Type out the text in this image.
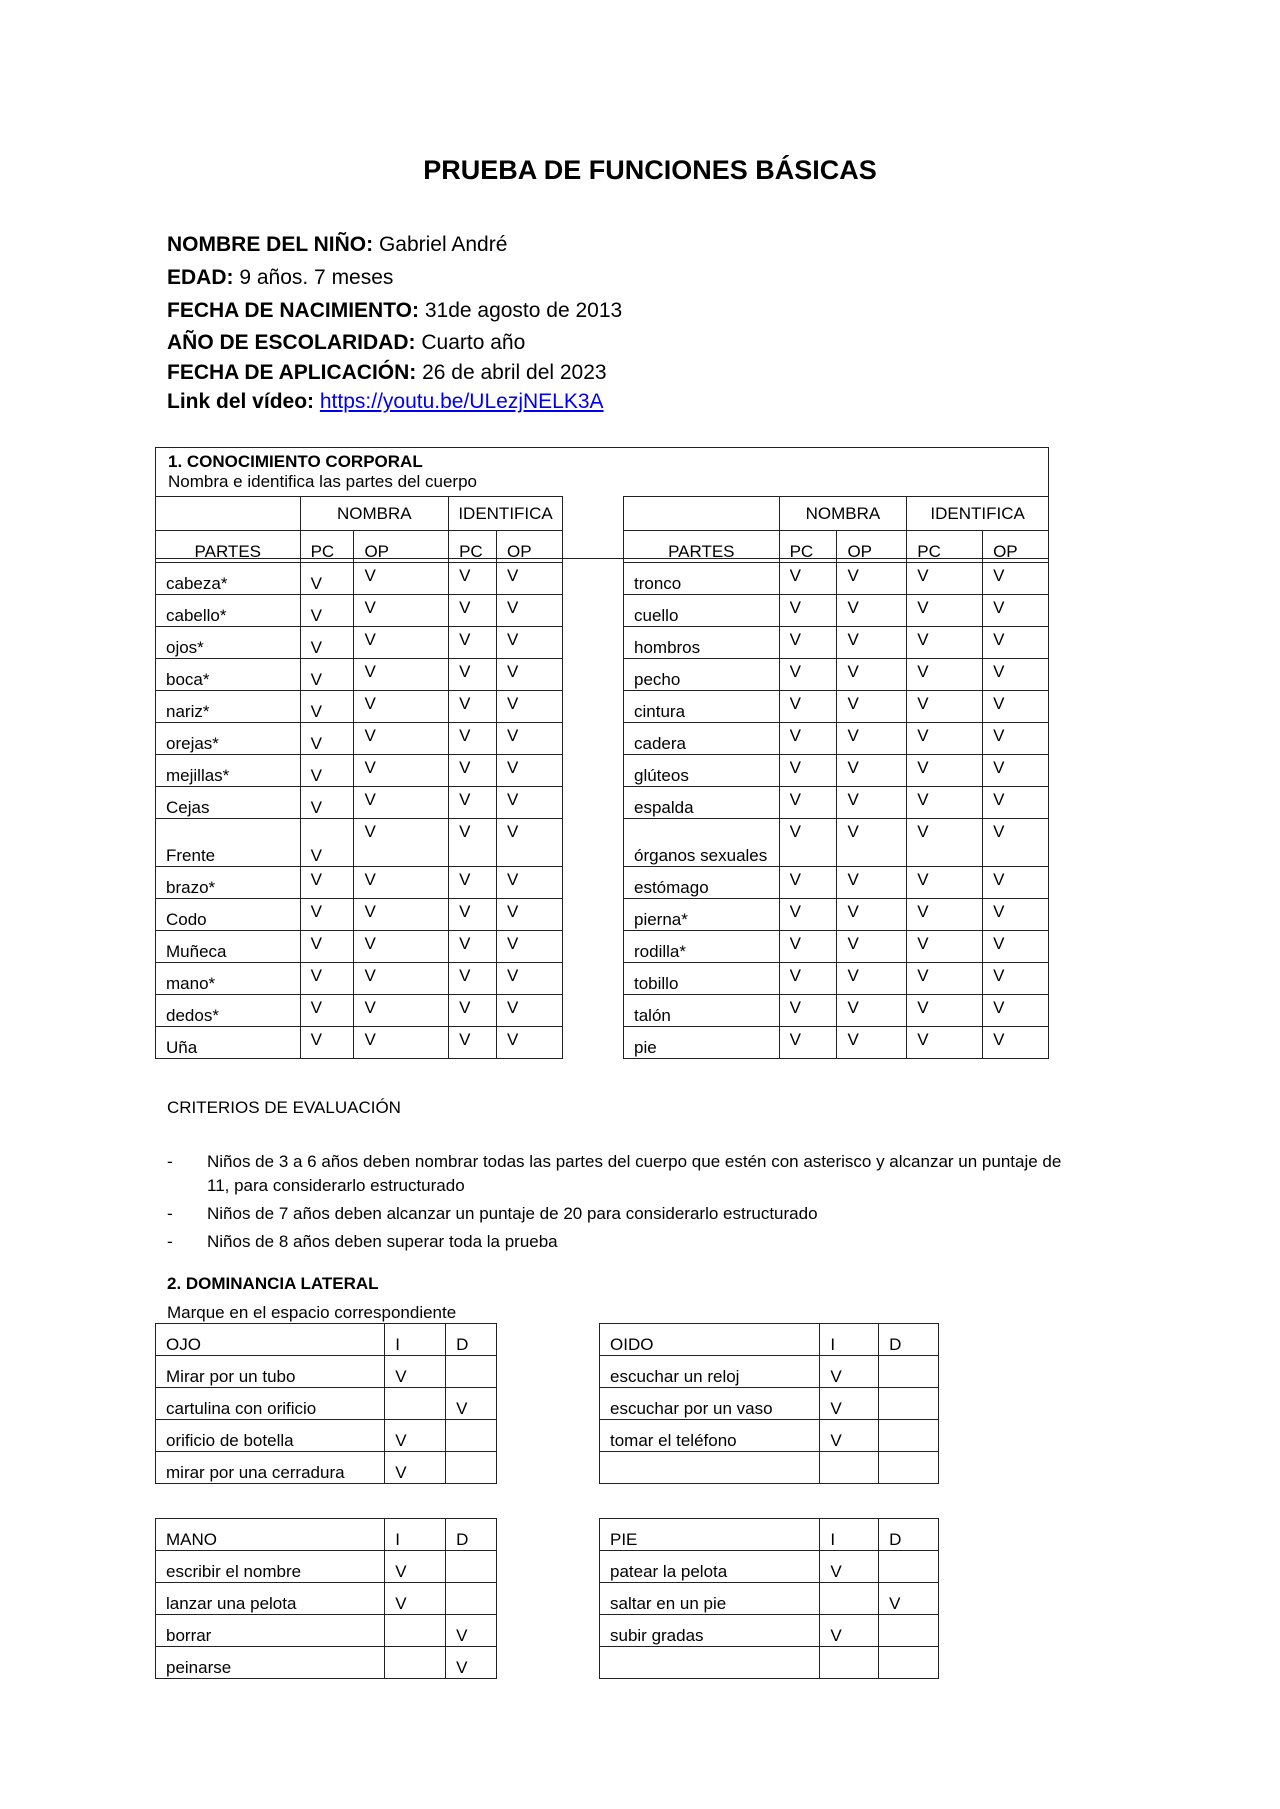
PRUEBA DE FUNCIONES BÁSICAS
NOMBRE DEL NIÑO: Gabriel André
EDAD: 9 años. 7 meses
FECHA DE NACIMIENTO: 31de agosto de 2013
AÑO DE ESCOLARIDAD: Cuarto año
FECHA DE APLICACIÓN: 26 de abril del 2023
Link del vídeo: https://youtu.be/ULezjNELK3A
1. CONOCIMIENTO CORPORAL
Nombra e identifica las partes del cuerpo
	NOMBRA		IDENTIFICA	
PARTES	PC	OP	PC	OP
cabeza*	V	V	V	V
cabello*	V	V	V	V
ojos*	V	V	V	V
boca*	V	V	V	V
nariz*	V	V	V	V
orejas*	V	V	V	V
mejillas*	V	V	V	V
Cejas	V	V	V	V
Frente	V	V	V	V
brazo*	V	V	V	V
Codo	V	V	V	V
Muñeca	V	V	V	V
mano*	V	V	V	V
dedos*	V	V	V	V
Uña	V	V	V	V
	NOMBRA		IDENTIFICA	
PARTES	PC	OP	PC	OP
tronco	V	V	V	V
cuello	V	V	V	V
hombros	V	V	V	V
pecho	V	V	V	V
cintura	V	V	V	V
cadera	V	V	V	V
glúteos	V	V	V	V
espalda	V	V	V	V
órganos sexuales	V	V	V	V
estómago	V	V	V	V
pierna*	V	V	V	V
rodilla*	V	V	V	V
tobillo	V	V	V	V
talón	V	V	V	V
pie	V	V	V	V
CRITERIOS DE EVALUACIÓN
- Niños de 3 a 6 años deben nombrar todas las partes del cuerpo que estén con asterisco y alcanzar un puntaje de 11, para considerarlo estructurado
- Niños de 7 años deben alcanzar un puntaje de 20 para considerarlo estructurado
- Niños de 8 años deben superar toda la prueba
2. DOMINANCIA LATERAL
Marque en el espacio correspondiente
OJO	I	D
Mirar por un tubo	V	
cartulina con orificio		V
orificio de botella	V	
mirar por una cerradura	V	
OIDO	I	D
escuchar un reloj	V	
escuchar por un vaso	V	
tomar el teléfono	V	

MANO	I	D
escribir el nombre	V	
lanzar una pelota	V	
borrar		V
peinarse		V
PIE	I	D
patear la pelota	V	
saltar en un pie		V
subir gradas	V	
